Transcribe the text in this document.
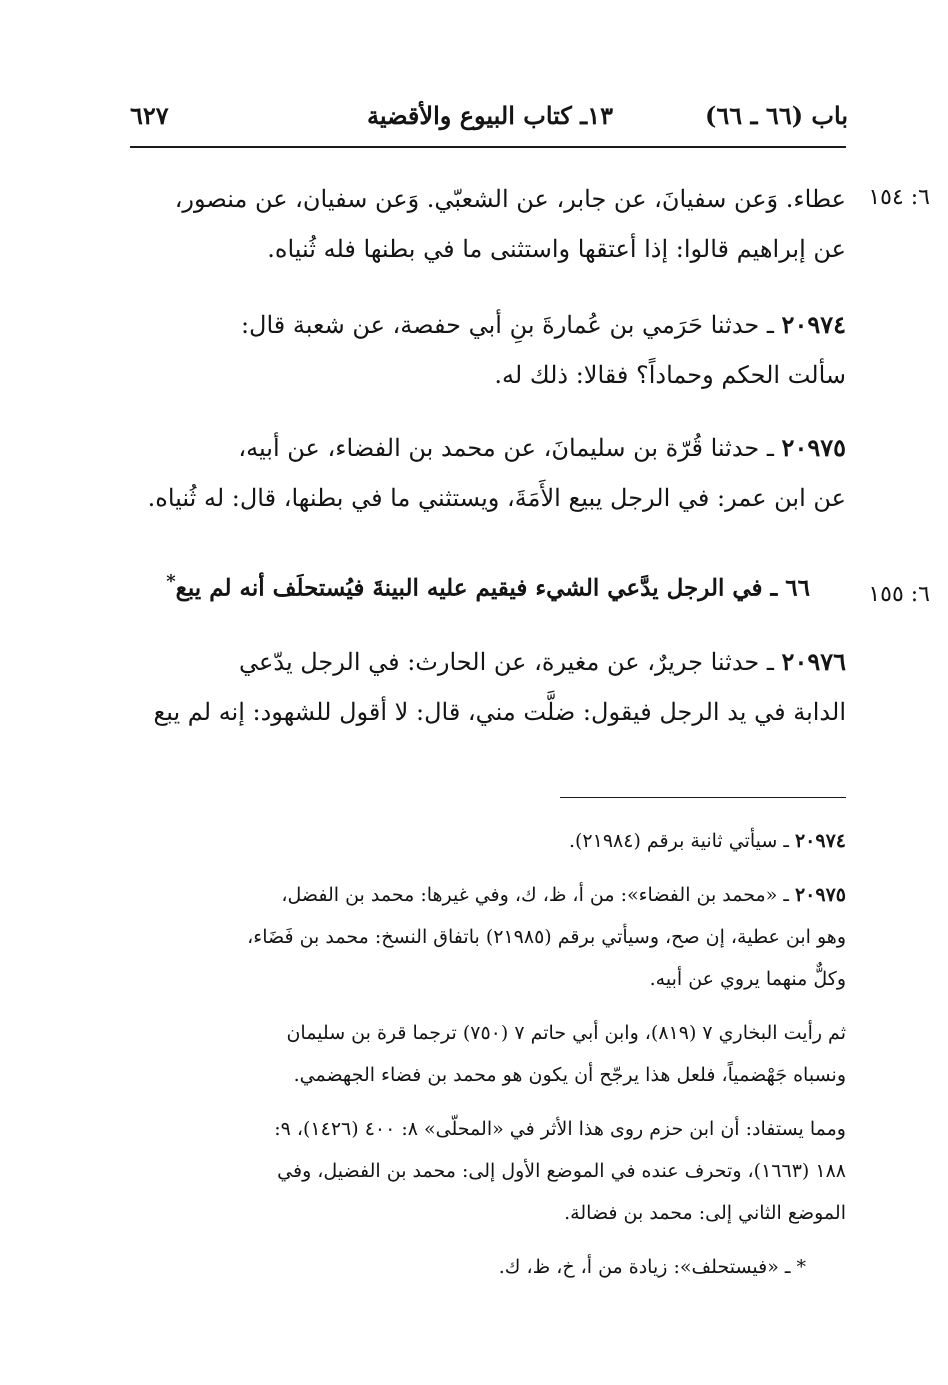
٦٢٧	١٣ـ كتاب البيوع والأقضية	باب (٦٦ ـ ٦٦)
٦: ١٥٤
٦: ١٥٥

عطاء. وَعن سفيانَ، عن جابر، عن الشعبّي. وَعن سفيان، عن منصور،

عن إبراهيم قالوا: إذا أعتقها واستثنى ما في بطنها فله ثُنياه.

٢٠٩٧٤ ـ حدثنا حَرَمي بن عُمارةَ بنِ أبي حفصة، عن شعبة قال:

سألت الحكم وحماداً؟ فقالا: ذلك له.

٢٠٩٧٥ ـ حدثنا قُرّة بن سليمانَ، عن محمد بن الفضاء، عن أبيه،

عن ابن عمر: في الرجل يبيع الأَمَةَ، ويستثني ما في بطنها، قال: له ثُنياه.

٦٦ ـ في الرجل يدَّعي الشيء فيقيم عليه البينةَ فيُستحلَف أنه لم يبع*

٢٠٩٧٦ ـ حدثنا جريرٌ، عن مغيرة، عن الحارث: في الرجل يدّعي

الدابة في يد الرجل فيقول: ضلَّت مني، قال: لا أقول للشهود: إنه لم يبع

٢٠٩٧٤ ـ سيأتي ثانية برقم (٢١٩٨٤).

٢٠٩٧٥ ـ «محمد بن الفضاء»: من أ، ظ، ك، وفي غيرها: محمد بن الفضل،

وهو ابن عطية، إن صح، وسيأتي برقم (٢١٩٨٥) باتفاق النسخ: محمد بن فَضَاء،

وكلٌّ منهما يروي عن أبيه.

ثم رأيت البخاري ٧ (٨١٩)، وابن أبي حاتم ٧ (٧٥٠) ترجما قرة بن سليمان

ونسباه جَهْضمياً، فلعل هذا يرجّح أن يكون هو محمد بن فضاء الجهضمي.

ومما يستفاد: أن ابن حزم روى هذا الأثر في «المحلّى» ٨: ٤٠٠ (١٤٢٦)، ٩:

١٨٨ (١٦٦٣)، وتحرف عنده في الموضع الأول إلى: محمد بن الفضيل، وفي

الموضع الثاني إلى: محمد بن فضالة.

* ـ «فيستحلف»: زيادة من أ، خ، ظ، ك.
